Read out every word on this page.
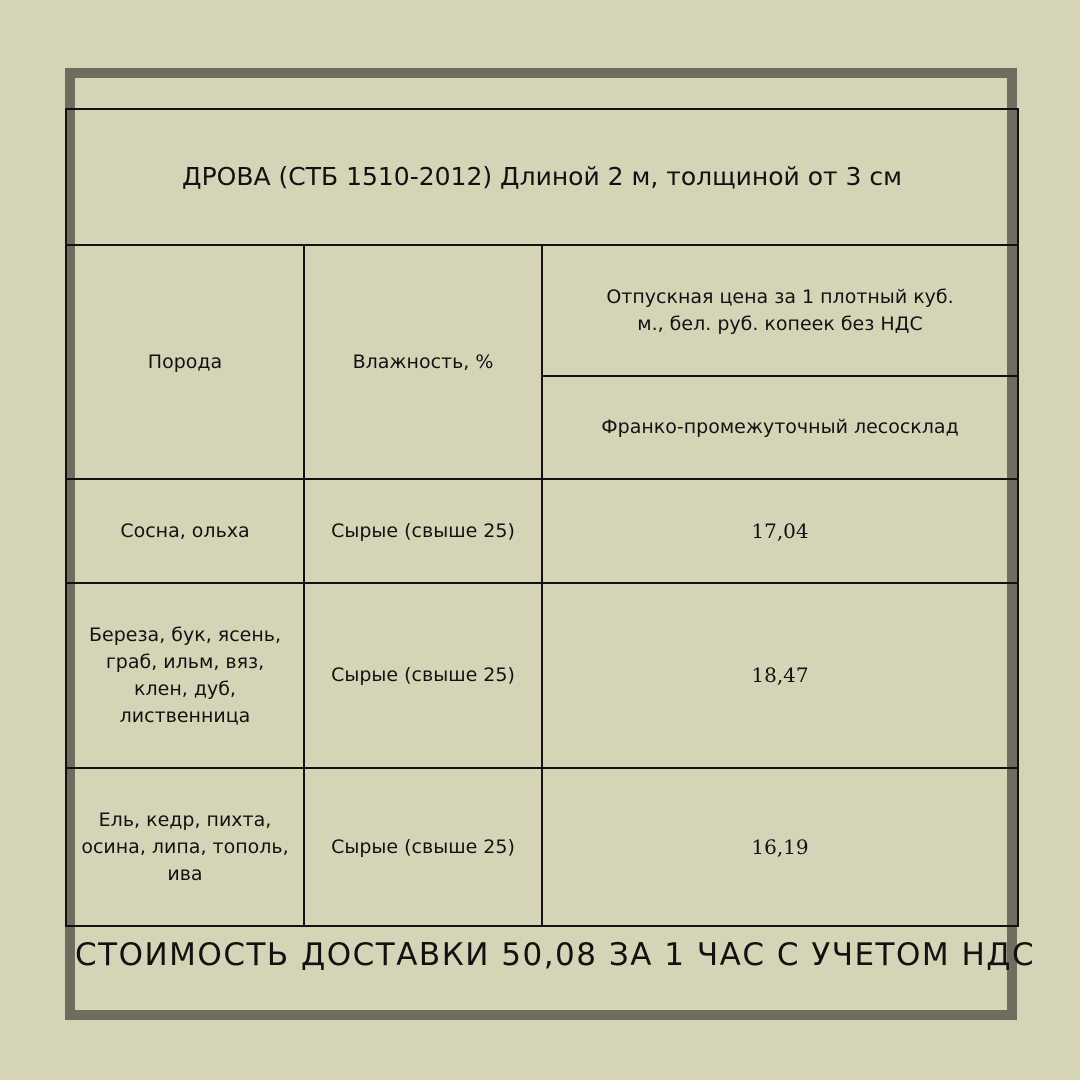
ДРОВА (СТБ 1510-2012) Длиной 2 м, толщиной от 3 см		
Порода	Влажность, %	Отпускная цена за 1 плотный куб. м., бел. руб. копеек без НДС
		Франко-промежуточный лесосклад
Сосна, ольха	Сырые (свыше 25)	17,04
Береза, бук, ясень, граб, ильм, вяз, клен, дуб, лиственница	Сырые (свыше 25)	18,47
Ель, кедр, пихта, осина, липа, тополь, ива	Сырые (свыше 25)	16,19
СТОИМОСТЬ ДОСТАВКИ 50,08 ЗА 1 ЧАС С УЧЕТОМ НДС
